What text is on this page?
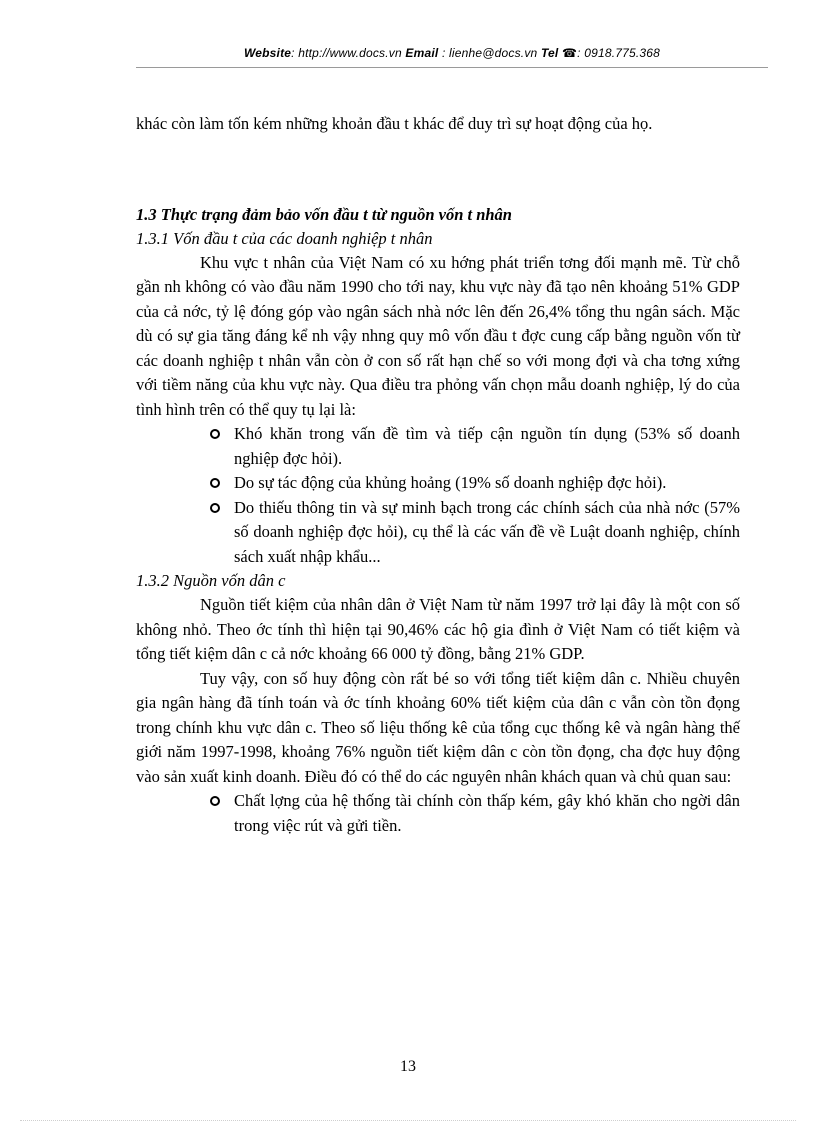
Website: http://www.docs.vn Email : lienhe@docs.vn Tel ☎: 0918.775.368

khác còn làm tốn kém những khoản đầu t khác để duy trì sự hoạt động của họ.

1.3 Thực trạng đảm bảo vốn đầu t từ nguồn vốn t nhân
1.3.1 Vốn đầu t của các doanh nghiệp t nhân

Khu vực t nhân của Việt Nam có xu hớng phát triển tơng đối mạnh mẽ. Từ chỗ gần nh không có vào đầu năm 1990 cho tới nay, khu vực này đã tạo nên khoảng 51% GDP của cả nớc, tỷ lệ đóng góp vào ngân sách nhà nớc lên đến 26,4% tổng thu ngân sách. Mặc dù có sự gia tăng đáng kể nh vậy nhng quy mô vốn đầu t đợc cung cấp bằng nguồn vốn từ các doanh nghiệp t nhân vẫn còn ở con số rất hạn chế so với mong đợi và cha tơng xứng với tiềm năng của khu vực này. Qua điều tra phỏng vấn chọn mẫu doanh nghiệp, lý do của tình hình trên có thể quy tụ lại là:

Khó khăn trong vấn đề tìm và tiếp cận nguồn tín dụng (53% số doanh nghiệp đợc hỏi).
Do sự tác động của khủng hoảng (19% số doanh nghiệp đợc hỏi).
Do thiếu thông tin và sự minh bạch trong các chính sách của nhà nớc (57% số doanh nghiệp đợc hỏi), cụ thể là các vấn đề về Luật doanh nghiệp, chính sách xuất nhập khẩu...
1.3.2 Nguồn vốn dân c

Nguồn tiết kiệm của nhân dân ở Việt Nam từ năm 1997 trở lại đây là một con số không nhỏ. Theo ớc tính thì hiện tại 90,46% các hộ gia đình ở Việt Nam có tiết kiệm và tổng tiết kiệm dân c cả nớc khoảng 66 000 tỷ đồng, bằng 21% GDP.

Tuy vậy, con số huy động còn rất bé so với tổng tiết kiệm dân c. Nhiều chuyên gia ngân hàng đã tính toán và ớc tính khoảng 60% tiết kiệm của dân c vẫn còn tồn đọng trong chính khu vực dân c. Theo số liệu thống kê của tổng cục thống kê và ngân hàng thế giới năm 1997-1998, khoảng 76% nguồn tiết kiệm dân c còn tồn đọng, cha đợc huy động vào sản xuất kinh doanh. Điều đó có thể do các nguyên nhân khách quan và chủ quan sau:

Chất lợng của hệ thống tài chính còn thấp kém, gây khó khăn cho ngời dân trong việc rút và gửi tiền.
13
